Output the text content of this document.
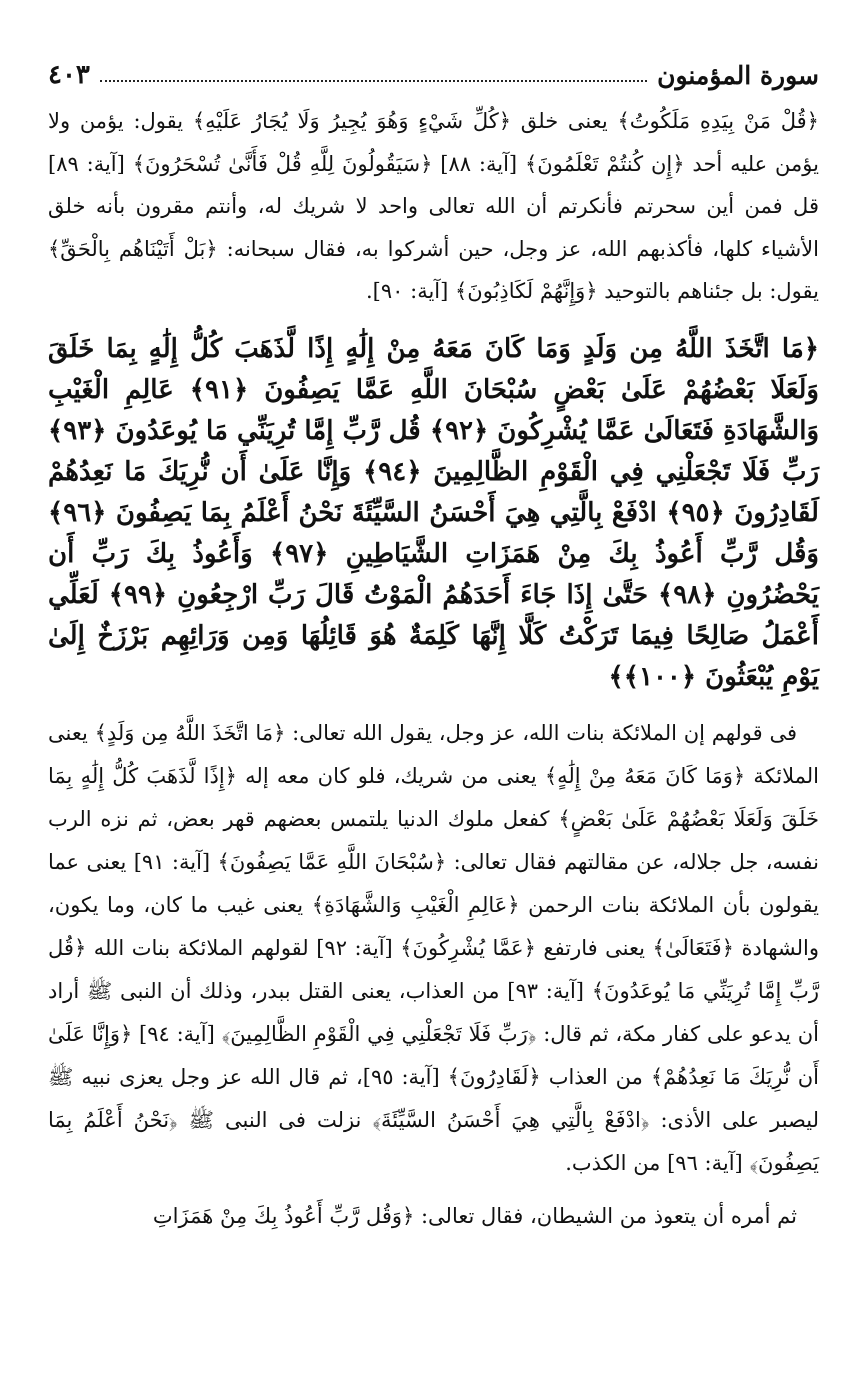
سورة المؤمنون
٤٠٣

﴿قُلْ مَنْ بِيَدِهِ مَلَكُوتُ﴾ يعنى خلق ﴿كُلِّ شَيْءٍ وَهُوَ يُجِيرُ وَلَا يُجَارُ عَلَيْهِ﴾ يقول: يؤمن ولا يؤمن عليه أحد ﴿إِن كُنتُمْ تَعْلَمُونَ﴾ [آية: ٨٨] ﴿سَيَقُولُونَ لِلَّهِ قُلْ فَأَنَّىٰ تُسْحَرُونَ﴾ [آية: ٨٩] قل فمن أين سحرتم فأنكرتم أن الله تعالى واحد لا شريك له، وأنتم مقرون بأنه خلق الأشياء كلها، فأكذبهم الله، عز وجل، حين أشركوا به، فقال سبحانه: ﴿بَلْ أَتَيْنَاهُم بِالْحَقِّ﴾ يقول: بل جئناهم بالتوحيد ﴿وَإِنَّهُمْ لَكَاذِبُونَ﴾ [آية: ٩٠].

﴿مَا اتَّخَذَ اللَّهُ مِن وَلَدٍ وَمَا كَانَ مَعَهُ مِنْ إِلَٰهٍ إِذًا لَّذَهَبَ كُلُّ إِلَٰهٍ بِمَا خَلَقَ وَلَعَلَا بَعْضُهُمْ عَلَىٰ بَعْضٍ سُبْحَانَ اللَّهِ عَمَّا يَصِفُونَ ﴿٩١﴾ عَالِمِ الْغَيْبِ وَالشَّهَادَةِ فَتَعَالَىٰ عَمَّا يُشْرِكُونَ ﴿٩٢﴾ قُل رَّبِّ إِمَّا تُرِيَنِّي مَا يُوعَدُونَ ﴿٩٣﴾ رَبِّ فَلَا تَجْعَلْنِي فِي الْقَوْمِ الظَّالِمِينَ ﴿٩٤﴾ وَإِنَّا عَلَىٰ أَن نُّرِيَكَ مَا نَعِدُهُمْ لَقَادِرُونَ ﴿٩٥﴾ ادْفَعْ بِالَّتِي هِيَ أَحْسَنُ السَّيِّئَةَ نَحْنُ أَعْلَمُ بِمَا يَصِفُونَ ﴿٩٦﴾ وَقُل رَّبِّ أَعُوذُ بِكَ مِنْ هَمَزَاتِ الشَّيَاطِينِ ﴿٩٧﴾ وَأَعُوذُ بِكَ رَبِّ أَن يَحْضُرُونِ ﴿٩٨﴾ حَتَّىٰ إِذَا جَاءَ أَحَدَهُمُ الْمَوْتُ قَالَ رَبِّ ارْجِعُونِ ﴿٩٩﴾ لَعَلِّي أَعْمَلُ صَالِحًا فِيمَا تَرَكْتُ كَلَّا إِنَّهَا كَلِمَةٌ هُوَ قَائِلُهَا وَمِن وَرَائِهِم بَرْزَخٌ إِلَىٰ يَوْمِ يُبْعَثُونَ ﴿١٠٠﴾﴾

فى قولهم إن الملائكة بنات الله، عز وجل، يقول الله تعالى: ﴿مَا اتَّخَذَ اللَّهُ مِن وَلَدٍ﴾ يعنى الملائكة ﴿وَمَا كَانَ مَعَهُ مِنْ إِلَٰهٍ﴾ يعنى من شريك، فلو كان معه إله ﴿إِذًا لَّذَهَبَ كُلُّ إِلَٰهٍ بِمَا خَلَقَ وَلَعَلَا بَعْضُهُمْ عَلَىٰ بَعْضٍ﴾ كفعل ملوك الدنيا يلتمس بعضهم قهر بعض، ثم نزه الرب نفسه، جل جلاله، عن مقالتهم فقال تعالى: ﴿سُبْحَانَ اللَّهِ عَمَّا يَصِفُونَ﴾ [آية: ٩١] يعنى عما يقولون بأن الملائكة بنات الرحمن ﴿عَالِمِ الْغَيْبِ وَالشَّهَادَةِ﴾ يعنى غيب ما كان، وما يكون، والشهادة ﴿فَتَعَالَىٰ﴾ يعنى فارتفع ﴿عَمَّا يُشْرِكُونَ﴾ [آية: ٩٢] لقولهم الملائكة بنات الله ﴿قُل رَّبِّ إِمَّا تُرِيَنِّي مَا يُوعَدُونَ﴾ [آية: ٩٣] من العذاب، يعنى القتل ببدر، وذلك أن النبى ﷺ أراد أن يدعو على كفار مكة، ثم قال: ﴿رَبِّ فَلَا تَجْعَلْنِي فِي الْقَوْمِ الظَّالِمِينَ﴾ [آية: ٩٤] ﴿وَإِنَّا عَلَىٰ أَن نُّرِيَكَ مَا نَعِدُهُمْ﴾ من العذاب ﴿لَقَادِرُونَ﴾ [آية: ٩٥]، ثم قال الله عز وجل يعزى نبيه ﷺ ليصبر على الأذى: ﴿ادْفَعْ بِالَّتِي هِيَ أَحْسَنُ السَّيِّئَةَ﴾ نزلت فى النبى ﷺ ﴿نَحْنُ أَعْلَمُ بِمَا يَصِفُونَ﴾ [آية: ٩٦] من الكذب.

ثم أمره أن يتعوذ من الشيطان، فقال تعالى: ﴿وَقُل رَّبِّ أَعُوذُ بِكَ مِنْ هَمَزَاتِ
